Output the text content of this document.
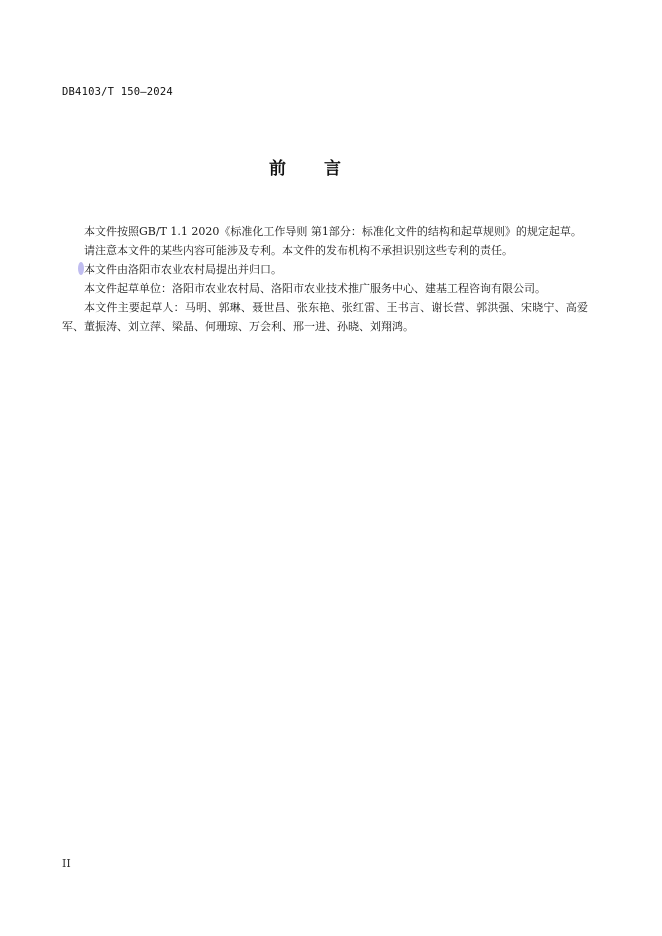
DB4103/T 150—2024
前 言

本文件按照GB/T 1.1 2020《标准化工作导则 第1部分：标准化文件的结构和起草规则》的规定起草。

请注意本文件的某些内容可能涉及专利。本文件的发布机构不承担识别这些专利的责任。

本文件由洛阳市农业农村局提出并归口。

本文件起草单位：洛阳市农业农村局、洛阳市农业技术推广服务中心、建基工程咨询有限公司。

本文件主要起草人：马明、郭琳、聂世昌、张东艳、张红雷、王书言、谢长营、郭洪强、宋晓宁、高爱军、董振涛、刘立萍、梁晶、何珊琼、万会利、邢一进、孙晓、刘翔鸿。

II
